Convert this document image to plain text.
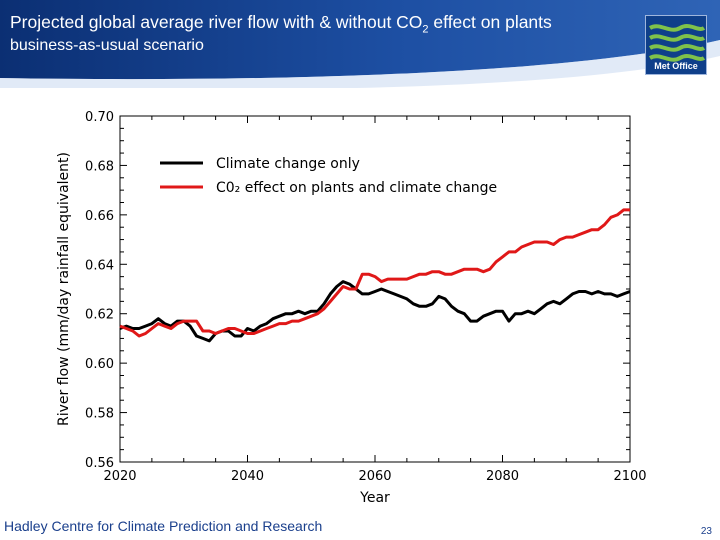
Projected global average river flow with & without $CO_2$ effect on plants
business-as-usual scenario
Met Office
0.56
0.58
0.60
0.62
0.64
0.66
0.68
0.70
2020	2040	2060	2080	2100
Climate change only
C0₂ effect on plants and climate change
River flow (mm/day rainfall equivalent)
Year
Hadley Centre for Climate Prediction and Research	23
